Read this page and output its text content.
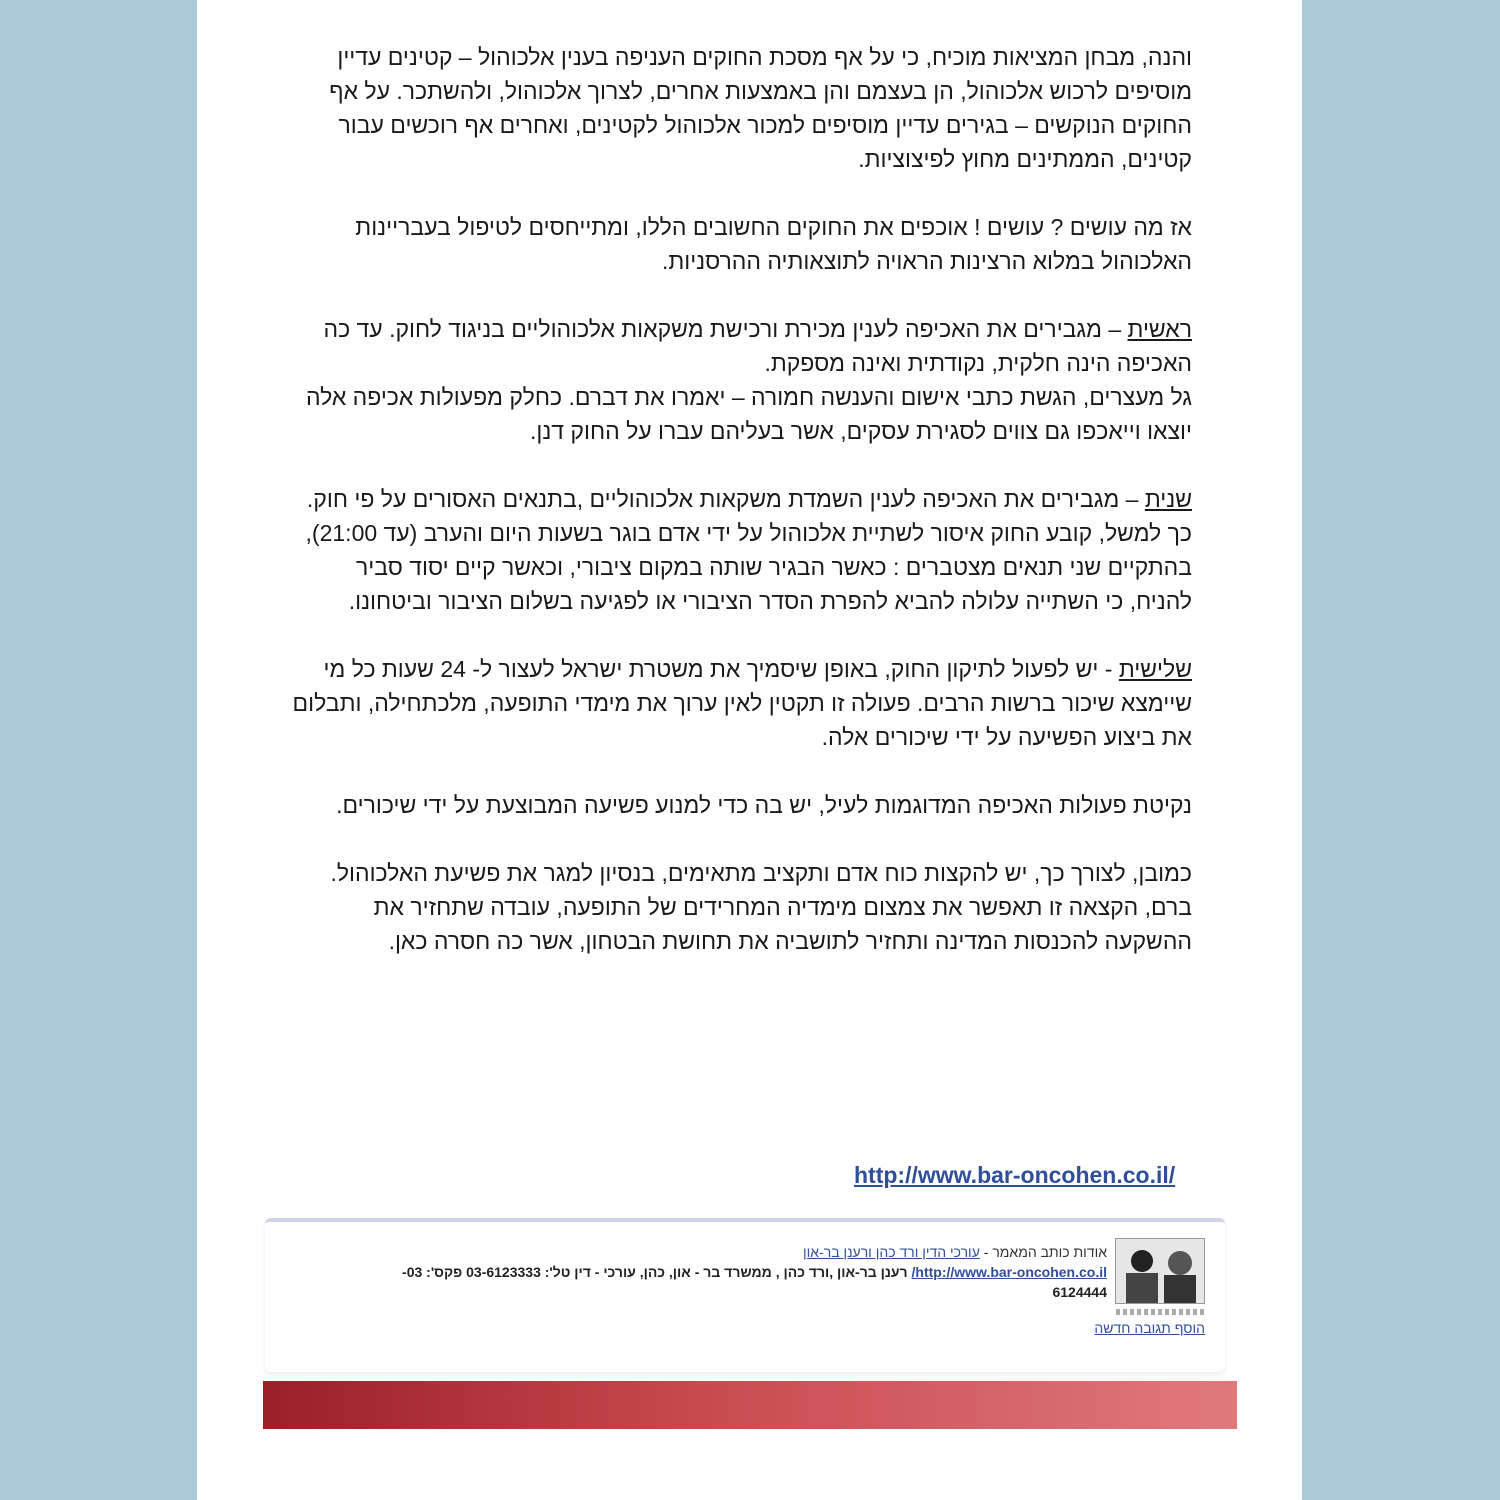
והנה, מבחן המציאות מוכיח, כי על אף מסכת החוקים העניפה בענין אלכוהול – קטינים עדיין מוסיפים לרכוש אלכוהול, הן בעצמם והן באמצעות אחרים, לצרוך אלכוהול, ולהשתכר. על אף החוקים הנוקשים – בגירים עדיין מוסיפים למכור אלכוהול לקטינים, ואחרים אף רוכשים עבור קטינים, הממתינים מחוץ לפיצוציות.

אז מה עושים ? עושים ! אוכפים את החוקים החשובים הללו, ומתייחסים לטיפול בעבריינות האלכוהול במלוא הרצינות הראויה לתוצאותיה ההרסניות.

ראשית – מגבירים את האכיפה לענין מכירת ורכישת משקאות אלכוהוליים בניגוד לחוק. עד כה האכיפה הינה חלקית, נקודתית ואינה מספקת.

גל מעצרים, הגשת כתבי אישום והענשה חמורה – יאמרו את דברם. כחלק מפעולות אכיפה אלה יוצאו וייאכפו גם צווים לסגירת עסקים, אשר בעליהם עברו על החוק דנן.

שנית – מגבירים את האכיפה לענין השמדת משקאות אלכוהוליים ,בתנאים האסורים על פי חוק. כך למשל, קובע החוק איסור לשתיית אלכוהול על ידי אדם בוגר בשעות היום והערב (עד 21:00), בהתקיים שני תנאים מצטברים : כאשר הבגיר שותה במקום ציבורי, וכאשר קיים יסוד סביר להניח, כי השתייה עלולה להביא להפרת הסדר הציבורי או לפגיעה בשלום הציבור וביטחונו.

שלישית - יש לפעול לתיקון החוק, באופן שיסמיך את משטרת ישראל לעצור ל- 24 שעות כל מי שיימצא שיכור ברשות הרבים. פעולה זו תקטין לאין ערוך את מימדי התופעה, מלכתחילה, ותבלום את ביצוע הפשיעה על ידי שיכורים אלה.

נקיטת פעולות האכיפה המדוגמות לעיל, יש בה כדי למנוע פשיעה המבוצעת על ידי שיכורים.

כמובן, לצורך כך, יש להקצות כוח אדם ותקציב מתאימים, בנסיון למגר את פשיעת האלכוהול. ברם, הקצאה זו תאפשר את צמצום מימדיה המחרידים של התופעה, עובדה שתחזיר את ההשקעה להכנסות המדינה ותחזיר לתושביה את תחושת הבטחון, אשר כה חסרה כאן.

http://www.bar-oncohen.co.il/
אודות כותב המאמר - עורכי הדין ורד כהן ורענן בר-און
http://www.bar-oncohen.co.il/ רענן בר-און ,ורד כהן , ממשרד בר - און, כהן, עורכי - דין טל': 03-6123333 פקס': 03-
6124444
הוסף תגובה חדשה
